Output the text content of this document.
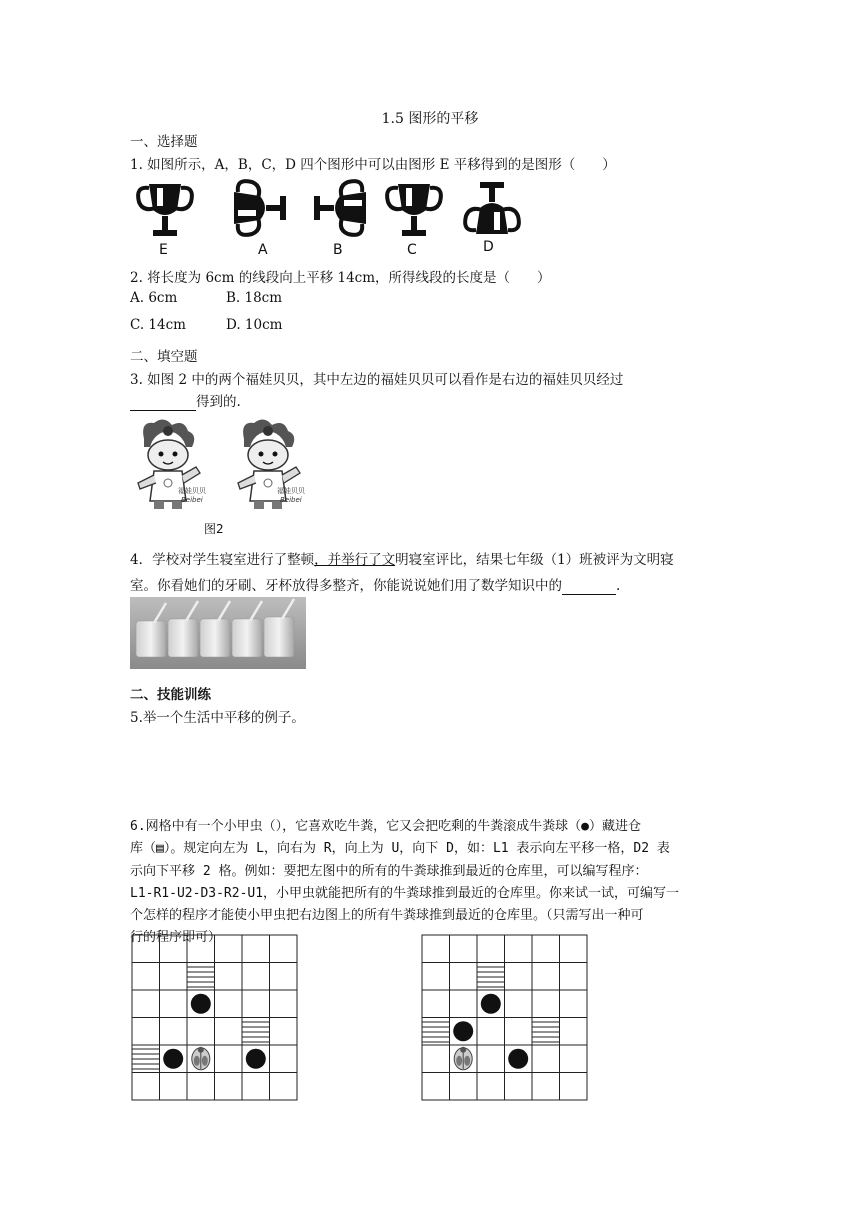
1.5 图形的平移
一、选择题
1. 如图所示，A，B，C，D 四个图形中可以由图形 E 平移得到的是图形（　　）
E	A	B	C	D
2. 将长度为 6cm 的线段向上平移 14cm，所得线段的长度是（　　）
A. 6cm	B. 18cm
C. 14cm	D. 10cm
二、填空题
3. 如图 2 中的两个福娃贝贝，其中左边的福娃贝贝可以看作是右边的福娃贝贝经过
得到的.
福娃贝贝
Beibei
福娃贝贝
Beibei
图2
4．学校对学生寝室进行了整顿，并举行了文明寝室评比，结果七年级（1）班被评为文明寝
室。你看她们的牙刷、牙杯放得多整齐，你能说说她们用了数学知识中的	.
二、技能训练
5.举一个生活中平移的例子。

6.网格中有一个小甲虫（），它喜欢吃牛粪，它又会把吃剩的牛粪滚成牛粪球（●）藏进仓
库（▤）。规定向左为 L，向右为 R，向上为 U，向下 D，如：L1 表示向左平移一格，D2 表
示向下平移 2 格。例如：要把左图中的所有的牛粪球推到最近的仓库里，可以编写程序：
L1-R1-U2-D3-R2-U1，小甲虫就能把所有的牛粪球推到最近的仓库里。你来试一试，可编写一
个怎样的程序才能使小甲虫把右边图上的所有牛粪球推到最近的仓库里。（只需写出一种可
行的程序即可）
